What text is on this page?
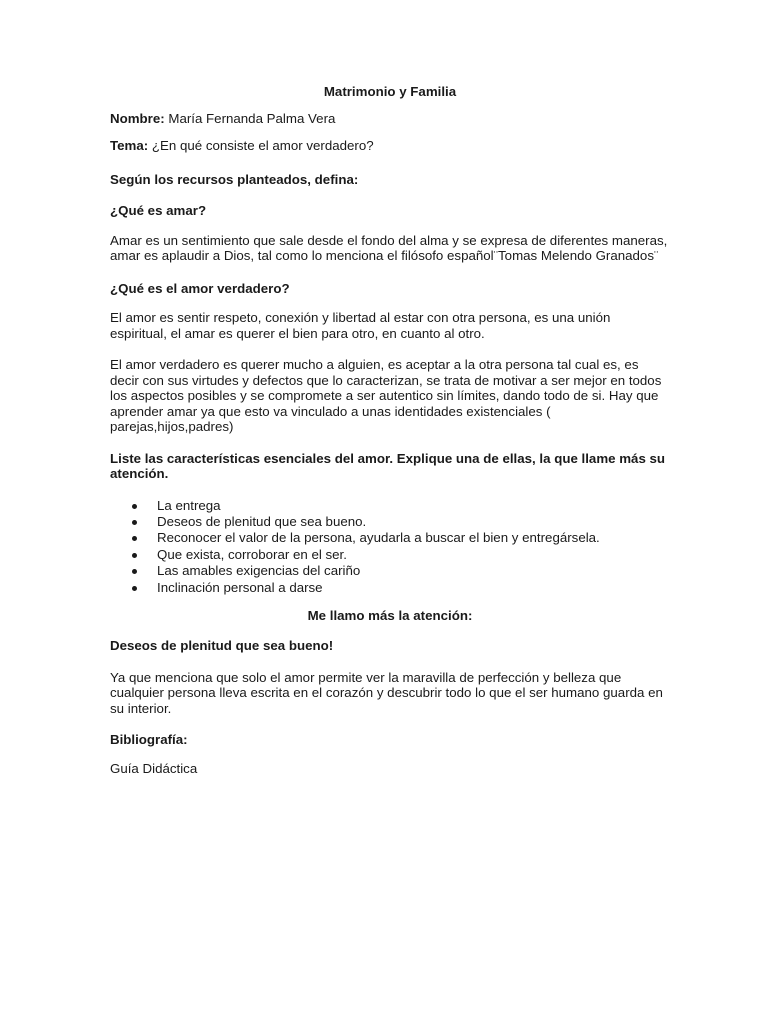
Matrimonio y Familia

Nombre: María Fernanda Palma Vera

Tema: ¿En qué consiste el amor verdadero?

Según los recursos planteados, defina:

¿Qué es amar?

Amar es un sentimiento que sale desde el fondo del alma y se expresa de diferentes maneras, amar es aplaudir a Dios, tal como lo menciona el filósofo español¨Tomas Melendo Granados¨

¿Qué es el amor verdadero?

El amor es sentir respeto, conexión y libertad al estar con otra persona, es una unión espiritual, el amar es querer el bien para otro, en cuanto al otro.

El amor verdadero es querer mucho a alguien, es aceptar a la otra persona tal cual es, es decir con sus virtudes y defectos que lo caracterizan, se trata de motivar a ser mejor en todos los aspectos posibles y se compromete a ser autentico sin límites, dando todo de si. Hay que aprender amar ya que esto va vinculado a unas identidades existenciales ( parejas,hijos,padres)

Liste las características esenciales del amor. Explique una de ellas, la que llame más su atención.

La entrega
Deseos de plenitud que sea bueno.
Reconocer el valor de la persona, ayudarla a buscar el bien y entregársela.
Que exista, corroborar en el ser.
Las amables exigencias del cariño
Inclinación personal a darse

Me llamo más la atención:

Deseos de plenitud que sea bueno!

Ya que menciona que solo el amor permite ver la maravilla de perfección y belleza que cualquier persona lleva escrita en el corazón y descubrir todo lo que el ser humano guarda en su interior.

Bibliografía:

Guía Didáctica
